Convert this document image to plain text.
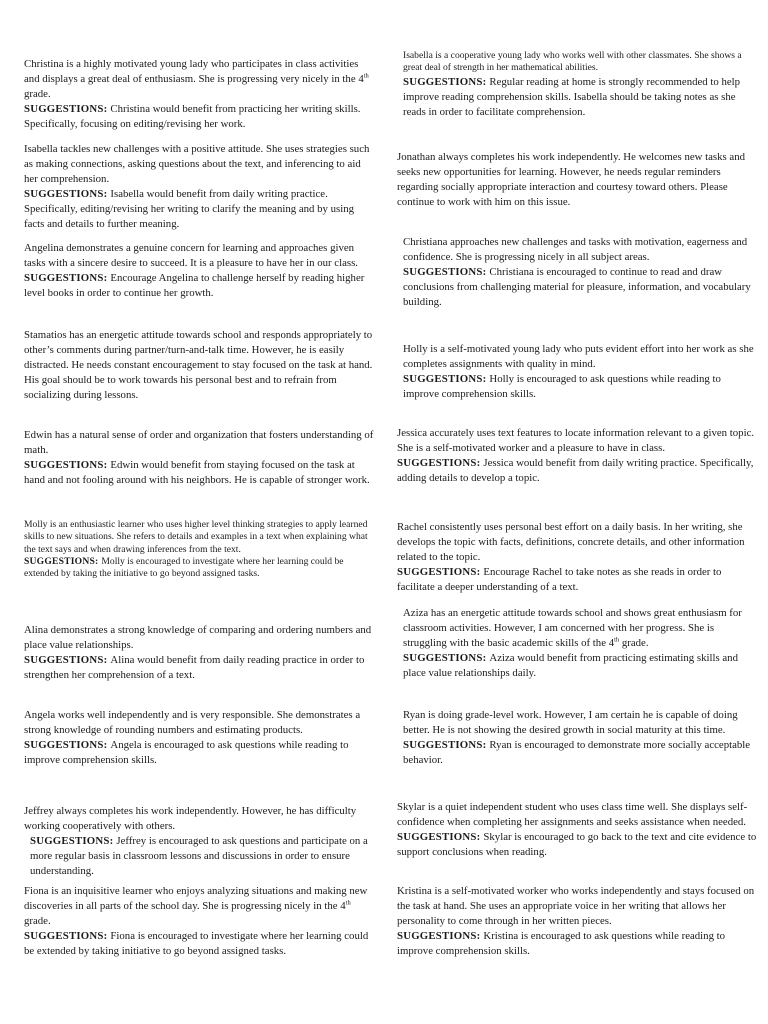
Christina is a highly motivated young lady who participates in class activities and displays a great deal of enthusiasm. She is progressing very nicely in the 4th grade.
SUGGESTIONS: Christina would benefit from practicing her writing skills. Specifically, focusing on editing/revising her work.
Isabella tackles new challenges with a positive attitude. She uses strategies such as making connections, asking questions about the text, and inferencing to aid her comprehension.
SUGGESTIONS: Isabella would benefit from daily writing practice. Specifically, editing/revising her writing to clarify the meaning and by using facts and details to further meaning.
Angelina demonstrates a genuine concern for learning and approaches given tasks with a sincere desire to succeed. It is a pleasure to have her in our class.
SUGGESTIONS: Encourage Angelina to challenge herself by reading higher level books in order to continue her growth.
Stamatios has an energetic attitude towards school and responds appropriately to other’s comments during partner/turn-and-talk time. However, he is easily distracted. He needs constant encouragement to stay focused on the task at hand. His goal should be to work towards his personal best and to refrain from socializing during lessons.
Edwin has a natural sense of order and organization that fosters understanding of math.
SUGGESTIONS: Edwin would benefit from staying focused on the task at hand and not fooling around with his neighbors. He is capable of stronger work.
Molly is an enthusiastic learner who uses higher level thinking strategies to apply learned skills to new situations. She refers to details and examples in a text when explaining what the text says and when drawing inferences from the text.
SUGGESTIONS: Molly is encouraged to investigate where her learning could be extended by taking the initiative to go beyond assigned tasks.
Alina demonstrates a strong knowledge of comparing and ordering numbers and place value relationships.
SUGGESTIONS: Alina would benefit from daily reading practice in order to strengthen her comprehension of a text.
Angela works well independently and is very responsible. She demonstrates a strong knowledge of rounding numbers and estimating products.
SUGGESTIONS: Angela is encouraged to ask questions while reading to improve comprehension skills.
Jeffrey always completes his work independently. However, he has difficulty working cooperatively with others.
SUGGESTIONS: Jeffrey is encouraged to ask questions and participate on a more regular basis in classroom lessons and discussions in order to ensure understanding.
Fiona is an inquisitive learner who enjoys analyzing situations and making new discoveries in all parts of the school day. She is progressing nicely in the 4th grade.
SUGGESTIONS: Fiona is encouraged to investigate where her learning could be extended by taking initiative to go beyond assigned tasks.
Isabella is a cooperative young lady who works well with other classmates. She shows a great deal of strength in her mathematical abilities.
SUGGESTIONS: Regular reading at home is strongly recommended to help improve reading comprehension skills. Isabella should be taking notes as she reads in order to facilitate comprehension.
Jonathan always completes his work independently. He welcomes new tasks and seeks new opportunities for learning. However, he needs regular reminders regarding socially appropriate interaction and courtesy toward others. Please continue to work with him on this issue.
Christiana approaches new challenges and tasks with motivation, eagerness and confidence. She is progressing nicely in all subject areas.
SUGGESTIONS: Christiana is encouraged to continue to read and draw conclusions from challenging material for pleasure, information, and vocabulary building.
Holly is a self-motivated young lady who puts evident effort into her work as she completes assignments with quality in mind.
SUGGESTIONS: Holly is encouraged to ask questions while reading to improve comprehension skills.
Jessica accurately uses text features to locate information relevant to a given topic. She is a self-motivated worker and a pleasure to have in class.
SUGGESTIONS: Jessica would benefit from daily writing practice. Specifically, adding details to develop a topic.
Rachel consistently uses personal best effort on a daily basis. In her writing, she develops the topic with facts, definitions, concrete details, and other information related to the topic.
SUGGESTIONS: Encourage Rachel to take notes as she reads in order to facilitate a deeper understanding of a text.
Aziza has an energetic attitude towards school and shows great enthusiasm for classroom activities. However, I am concerned with her progress. She is struggling with the basic academic skills of the 4th grade.
SUGGESTIONS: Aziza would benefit from practicing estimating skills and place value relationships daily.
Ryan is doing grade-level work. However, I am certain he is capable of doing better. He is not showing the desired growth in social maturity at this time.
SUGGESTIONS: Ryan is encouraged to demonstrate more socially acceptable behavior.
Skylar is a quiet independent student who uses class time well. She displays self-confidence when completing her assignments and seeks assistance when needed.
SUGGESTIONS: Skylar is encouraged to go back to the text and cite evidence to support conclusions when reading.
Kristina is a self-motivated worker who works independently and stays focused on the task at hand. She uses an appropriate voice in her writing that allows her personality to come through in her written pieces.
SUGGESTIONS: Kristina is encouraged to ask questions while reading to improve comprehension skills.
